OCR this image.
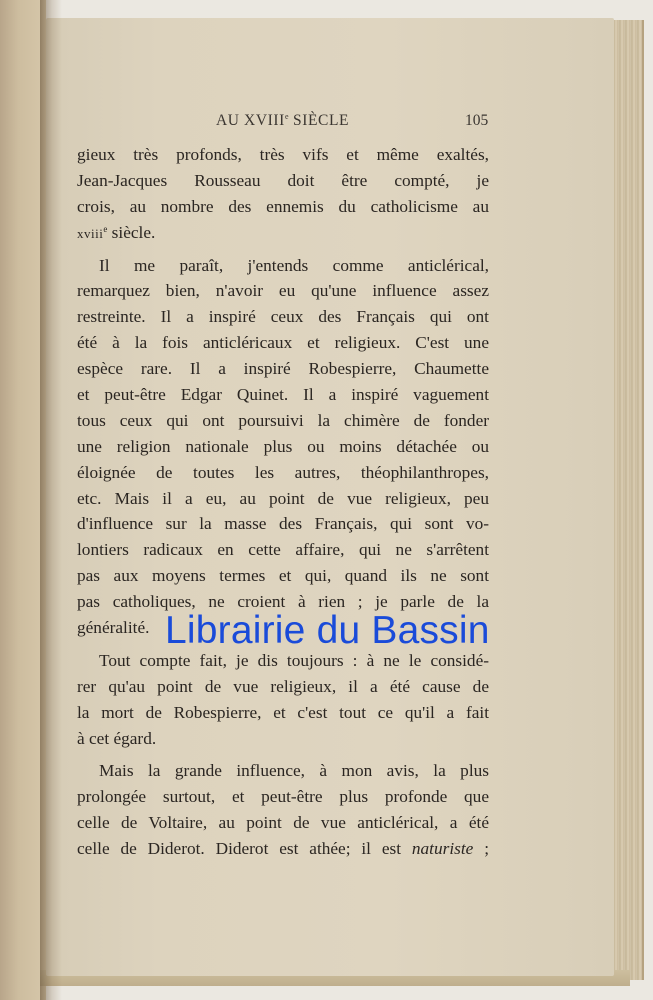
AU XVIIIe SIÈCLE	105
gieux très profonds, très vifs et même exaltés,
Jean-Jacques Rousseau doit être compté, je
crois, au nombre des ennemis du catholicisme au
xviii$^e$ siècle.
Il me paraît, j'entends comme anticlérical,
remarquez bien, n'avoir eu qu'une influence assez
restreinte. Il a inspiré ceux des Français qui ont
été à la fois anticléricaux et religieux. C'est une
espèce rare. Il a inspiré Robespierre, Chaumette
et peut-être Edgar Quinet. Il a inspiré vaguement
tous ceux qui ont poursuivi la chimère de fonder
une religion nationale plus ou moins détachée ou
éloignée de toutes les autres, théophilanthropes,
etc. Mais il a eu, au point de vue religieux, peu
d'influence sur la masse des Français, qui sont vo-
lontiers radicaux en cette affaire, qui ne s'arrêtent
pas aux moyens termes et qui, quand ils ne sont
pas catholiques, ne croient à rien ; je parle de la
généralité.
Tout compte fait, je dis toujours : à ne le considé-
rer qu'au point de vue religieux, il a été cause de
la mort de Robespierre, et c'est tout ce qu'il a fait
à cet égard.
Mais la grande influence, à mon avis, la plus
prolongée surtout, et peut-être plus profonde que
celle de Voltaire, au point de vue anticlérical, a été
celle de Diderot. Diderot est athée; il est naturiste ;
Librairie du Bassin
